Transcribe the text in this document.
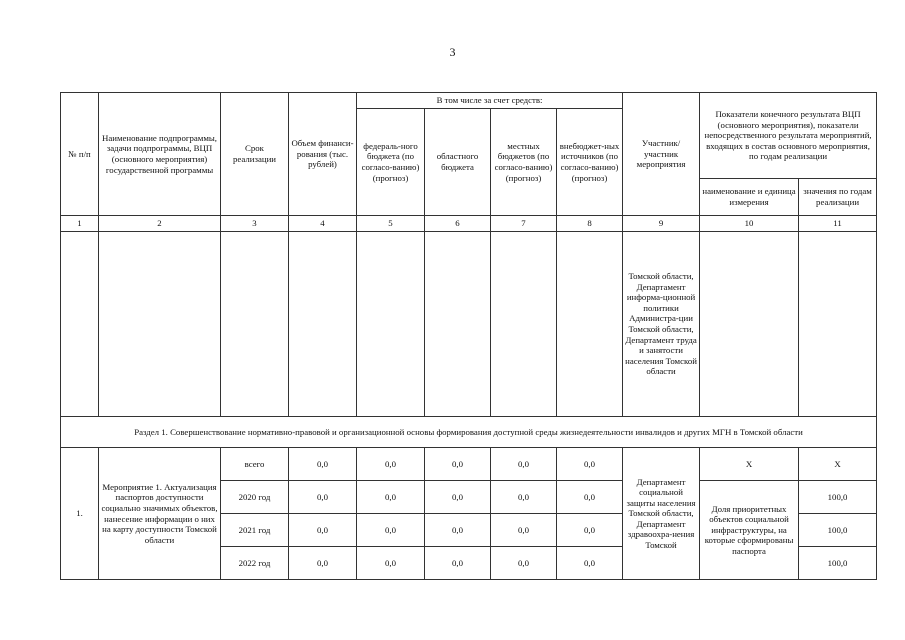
3
№ п/п	Наименование подпрограммы, задачи подпрограммы, ВЦП (основного мероприятия) государственной программы	Срок реализации	Объем финанси-рования (тыс. рублей)	В том числе за счет средств:				Участник/ участник мероприятия	Показатели конечного результата ВЦП (основного мероприятия), показатели непосредственного результата мероприятий, входящих в состав основного мероприятия, по годам реализации	
				федераль-ного бюджета (по согласо-ванию) (прогноз)	областного бюджета	местных бюджетов (по согласо-ванию) (прогноз)	внебюджет-ных источников (по согласо-ванию) (прогноз)			
									наименование и единица измерения	значения по годам реализации
1	2	3	4	5	6	7	8	9	10	11
								Томской области, Департамент информа-ционной политики Администра-ции Томской области, Департамент труда и занятости населения Томской области		
Раздел 1. Совершенствование нормативно-правовой и организационной основы формирования доступной среды жизнедеятельности инвалидов и других МГН в Томской области										
1.	Мероприятие 1. Актуализация паспортов доступности социально значимых объектов, нанесение информации о них на карту доступности Томской области	всего	0,0	0,0	0,0	0,0	0,0	Департамент социальной защиты населения Томской области, Департамент здравоохра-нения Томской	X	X
		2020 год	0,0	0,0	0,0	0,0	0,0		Доля приоритетных объектов социальной инфраструктуры, на которые сформированы паспорта	100,0
		2021 год	0,0	0,0	0,0	0,0	0,0			100,0
		2022 год	0,0	0,0	0,0	0,0	0,0			100,0
